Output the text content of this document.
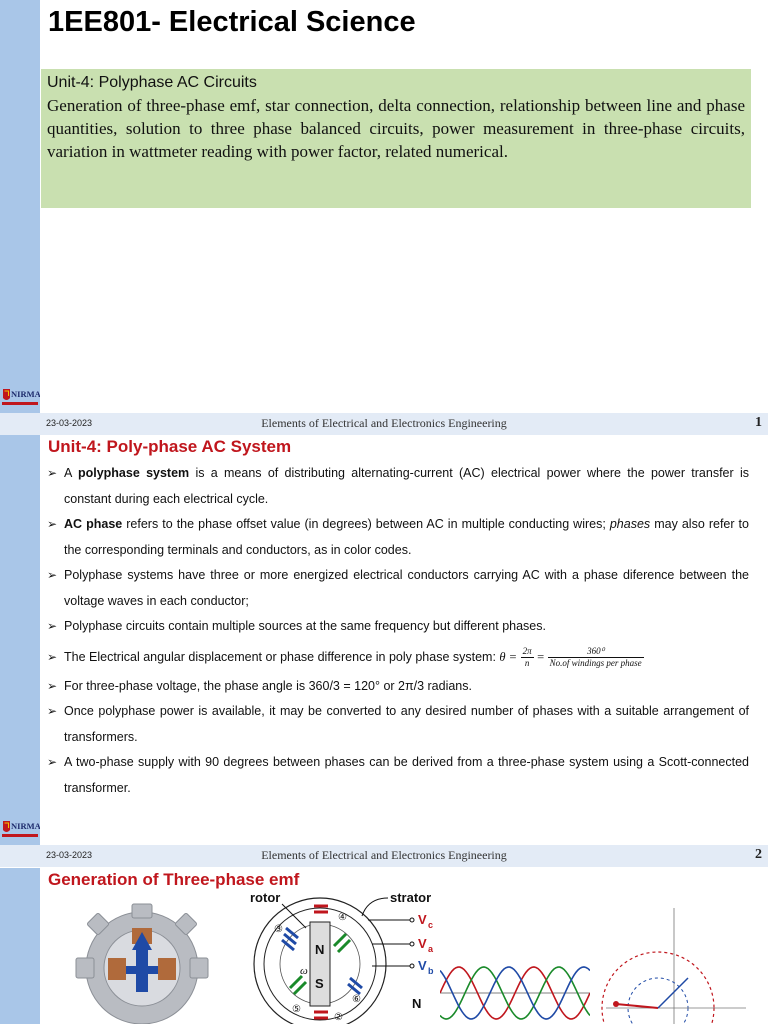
1EE801- Electrical Science
Unit-4: Polyphase AC Circuits
Generation of three-phase emf, star connection, delta connection, relationship between line and phase quantities, solution to three phase balanced circuits, power measurement in three-phase circuits, variation in wattmeter reading with power factor, related numerical.
NIRMA
23-03-2023	Elements of Electrical and Electronics Engineering	1
Unit-4: Poly-phase AC System
➢ A polyphase system is a means of distributing alternating-current (AC) electrical power where the power transfer is constant during each electrical cycle.
➢ AC phase refers to the phase offset value (in degrees) between AC in multiple conducting wires; phases may also refer to the corresponding terminals and conductors, as in color codes.
➢ Polyphase systems have three or more energized electrical conductors carrying AC with a phase diference between the voltage waves in each conductor;
➢ Polyphase circuits contain multiple sources at the same frequency but different phases.
➢ The Electrical angular displacement or phase difference in poly phase system: $\theta = \frac{2\pi}{n} = \frac{\text{360⁰}}{\text{No.of windings per phase}}$
➢ For three-phase voltage, the phase angle is 360/3 = 120° or 2π/3 radians.
➢ Once polyphase power is available, it may be converted to any desired number of phases with a suitable arrangement of transformers.
➢ A two-phase supply with 90 degrees between phases can be derived from a three-phase system using a Scott-connected transformer.
NIRMA
23-03-2023	Elements of Electrical and Electronics Engineering	2
Generation of Three-phase emf
N
S
ω
④
③
⑥
⑤
②
rotor	strator
V c
V a
V b
N
